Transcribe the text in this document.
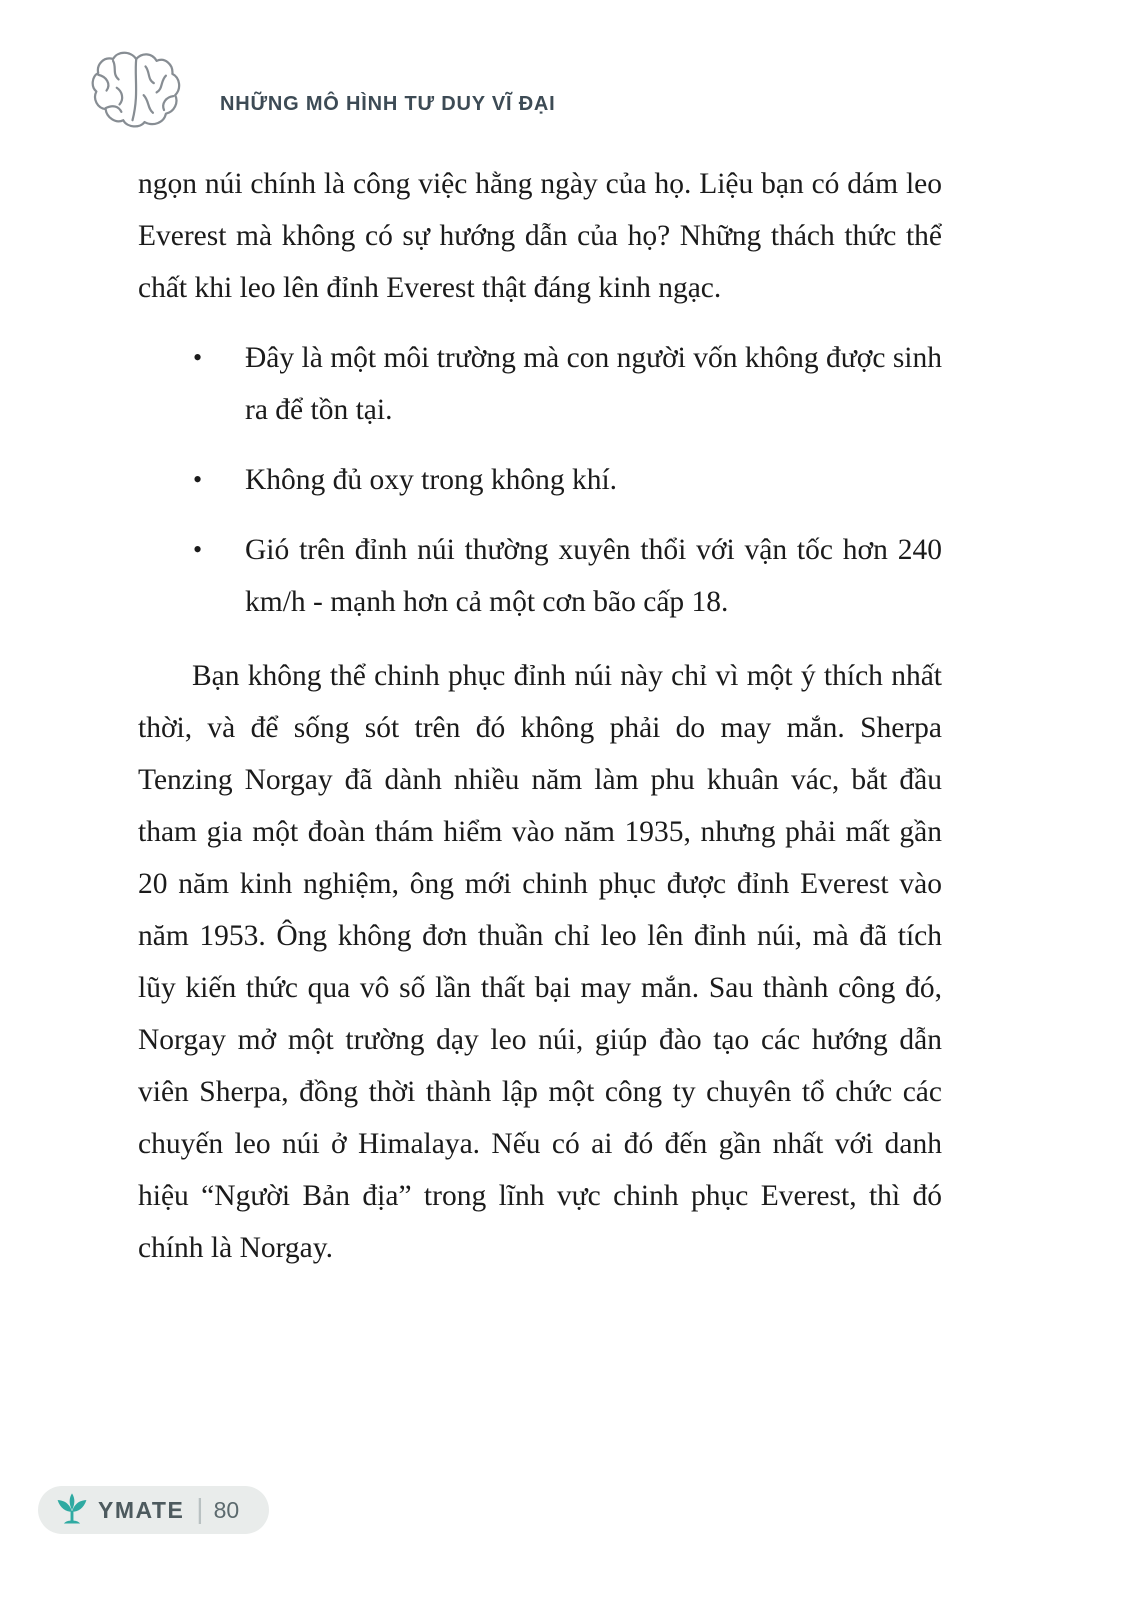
NHỮNG MÔ HÌNH TƯ DUY VĨ ĐẠI

ngọn núi chính là công việc hằng ngày của họ. Liệu bạn có dám leo Everest mà không có sự hướng dẫn của họ? Những thách thức thể chất khi leo lên đỉnh Everest thật đáng kinh ngạc.

• Đây là một môi trường mà con người vốn không được sinh ra để tồn tại.
• Không đủ oxy trong không khí.
• Gió trên đỉnh núi thường xuyên thổi với vận tốc hơn 240 km/h - mạnh hơn cả một cơn bão cấp 18.

Bạn không thể chinh phục đỉnh núi này chỉ vì một ý thích nhất thời, và để sống sót trên đó không phải do may mắn. Sherpa Tenzing Norgay đã dành nhiều năm làm phu khuân vác, bắt đầu tham gia một đoàn thám hiểm vào năm 1935, nhưng phải mất gần 20 năm kinh nghiệm, ông mới chinh phục được đỉnh Everest vào năm 1953. Ông không đơn thuần chỉ leo lên đỉnh núi, mà đã tích lũy kiến thức qua vô số lần thất bại may mắn. Sau thành công đó, Norgay mở một trường dạy leo núi, giúp đào tạo các hướng dẫn viên Sherpa, đồng thời thành lập một công ty chuyên tổ chức các chuyến leo núi ở Himalaya. Nếu có ai đó đến gần nhất với danh hiệu “Người Bản địa” trong lĩnh vực chinh phục Everest, thì đó chính là Norgay.

YMATE | 80
